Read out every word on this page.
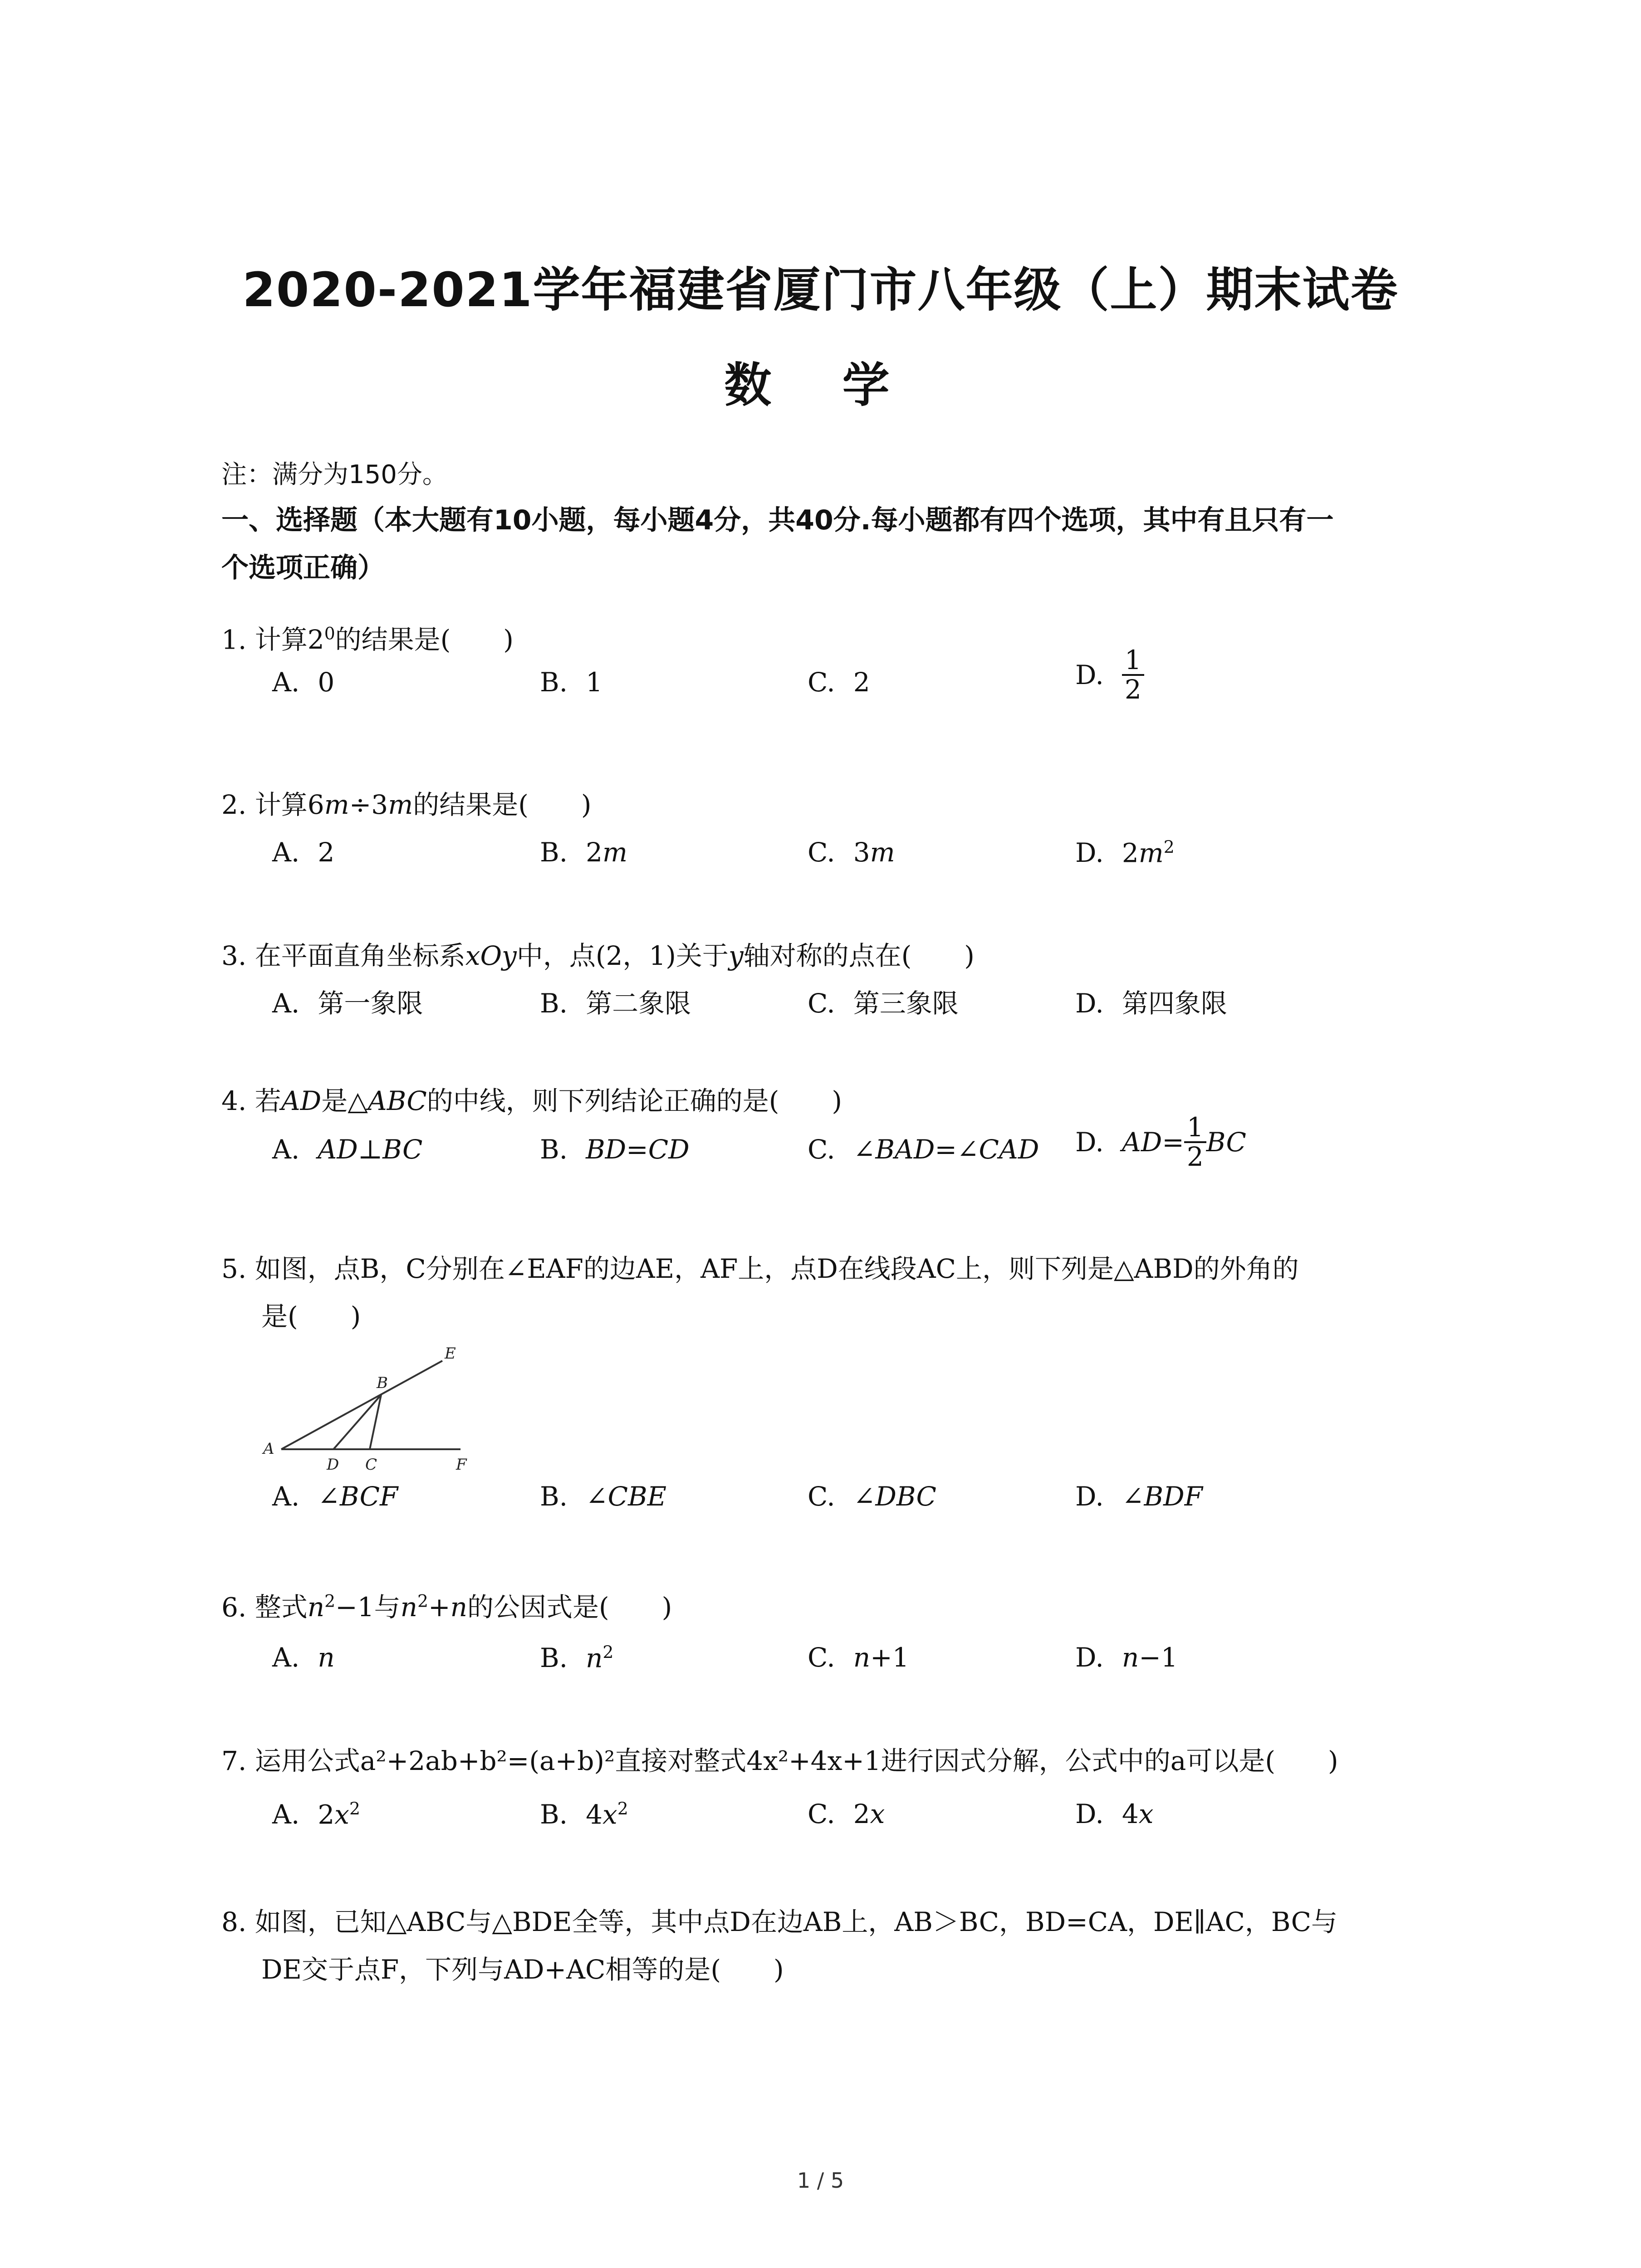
2020-2021学年福建省厦门市八年级（上）期末试卷
数 学
注：满分为150分。
一、选择题（本大题有10小题，每小题4分，共40分.每小题都有四个选项，其中有且只有一
个选项正确）
1. 计算$2^0$的结果是(　　)
A. 0	B. 1	C. 2	D. $\frac{1}{2}$
2. 计算6m÷3m的结果是(　　)
A. 2	B. 2m	C. 3m	D. $2m^2$
3. 在平面直角坐标系xOy中，点(2，1)关于y轴对称的点在(　　)
A. 第一象限	B. 第二象限	C. 第三象限	D. 第四象限
4. 若AD是△ABC的中线，则下列结论正确的是(　　)
A. AD⊥BC	B. BD=CD	C. ∠BAD=∠CAD D. $AD= \frac{1}{2}$ BC
5. 如图，点B，C分别在∠EAF的边AE，AF上，点D在线段AC上，则下列是△ABD的外角的
是(　　)
A
B
C
D
E
F
A. ∠BCF	B. ∠CBE	C. ∠DBC	D. ∠BDF
6. 整式$n^2-1$与$n^2+n$的公因式是(　　)
A. n	B. $n^2$	C. n+1	D. n−1
7. 运用公式a²+2ab+b²=(a+b)²直接对整式4x²+4x+1进行因式分解，公式中的a可以是(　　)
A. $2x^2$	B. $4x^2$	C. 2x	D. 4x
8. 如图，已知△ABC与△BDE全等，其中点D在边AB上，AB＞BC，BD=CA，DE∥AC，BC与
DE交于点F，下列与AD+AC相等的是(　　)
1 / 5
